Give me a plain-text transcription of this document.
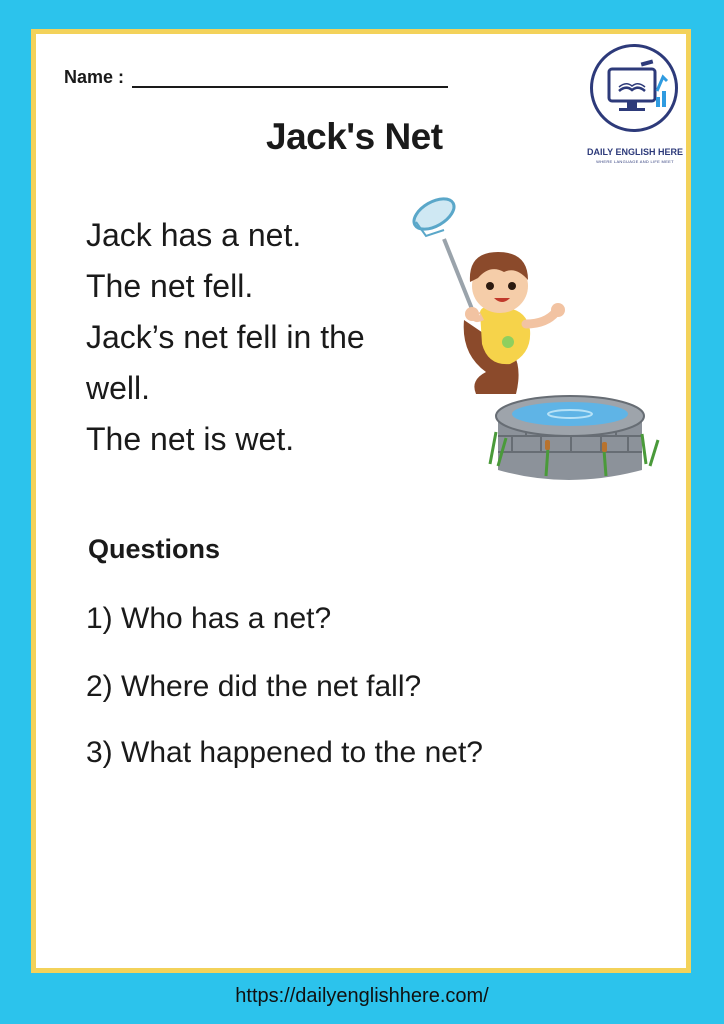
Name :
Jack's Net	DAILY ENGLISH HERE
WHERE LANGUAGE AND LIFE MEET
Jack has a net.
The net fell.
Jack’s net fell in the
well.
The net is wet.
Questions
1) Who has a net?
2) Where did the net fall?
3) What happened to the net?
https://dailyenglishhere.com/
